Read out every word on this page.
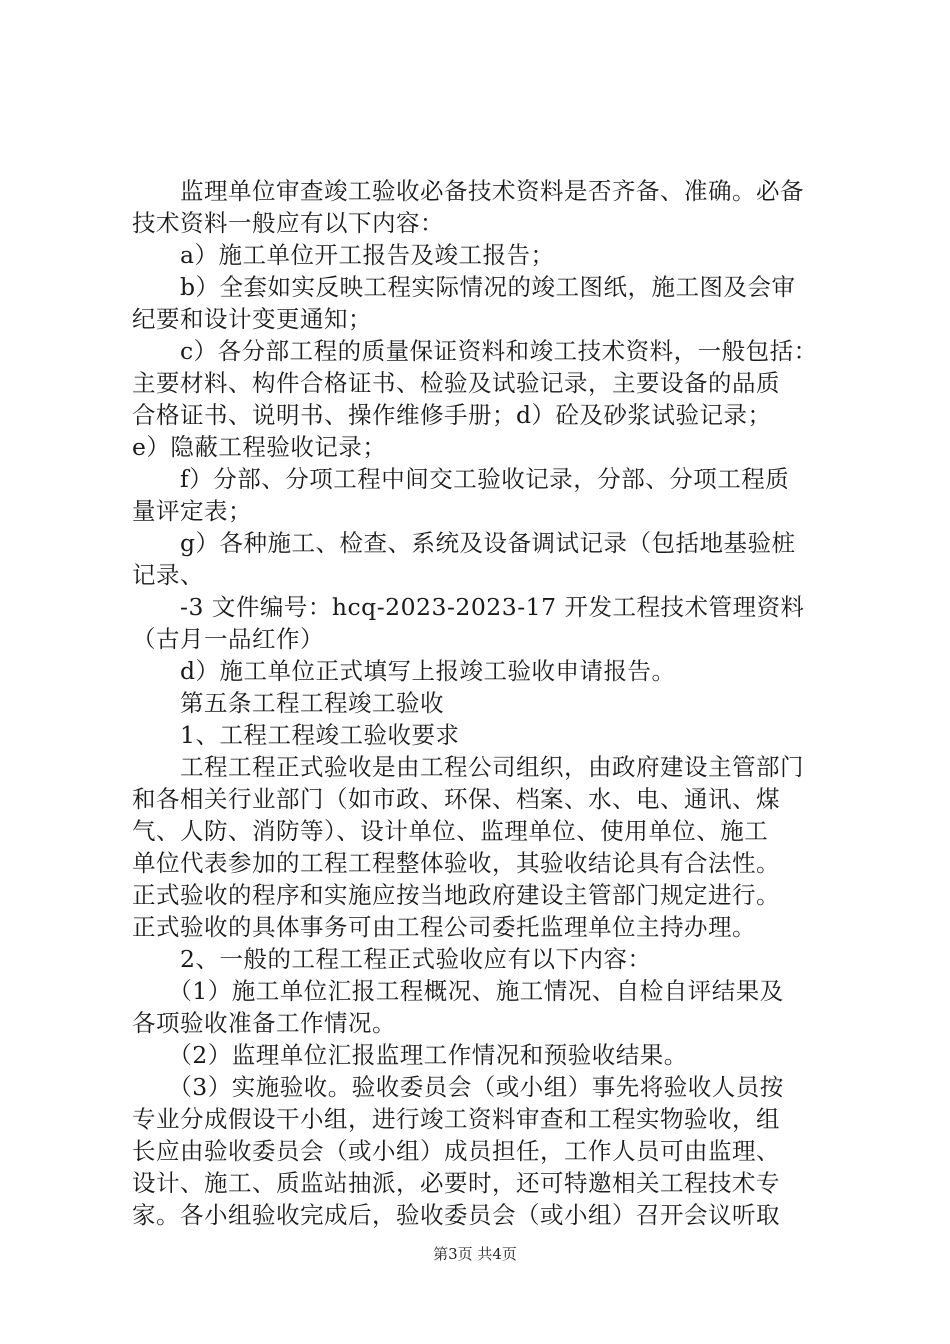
　　监理单位审查竣工验收必备技术资料是否齐备、准确。必备
技术资料一般应有以下内容：
　　a）施工单位开工报告及竣工报告；
　　b）全套如实反映工程实际情况的竣工图纸，施工图及会审
纪要和设计变更通知；
　　c）各分部工程的质量保证资料和竣工技术资料，一般包括：
主要材料、构件合格证书、检验及试验记录，主要设备的品质
合格证书、说明书、操作维修手册；d）砼及砂浆试验记录；
e）隐蔽工程验收记录；
　　f）分部、分项工程中间交工验收记录，分部、分项工程质
量评定表；
　　g）各种施工、检查、系统及设备调试记录（包括地基验桩
记录、
　　-3 文件编号：hcq-2023-2023-17 开发工程技术管理资料
（古月一品红作）
　　d）施工单位正式填写上报竣工验收申请报告。
　　第五条工程工程竣工验收
　　1、工程工程竣工验收要求
　　工程工程正式验收是由工程公司组织，由政府建设主管部门
和各相关行业部门（如市政、环保、档案、水、电、通讯、煤
气、人防、消防等）、设计单位、监理单位、使用单位、施工
单位代表参加的工程工程整体验收，其验收结论具有合法性。
正式验收的程序和实施应按当地政府建设主管部门规定进行。
正式验收的具体事务可由工程公司委托监理单位主持办理。
　　2、一般的工程工程正式验收应有以下内容：
　　（1）施工单位汇报工程概况、施工情况、自检自评结果及
各项验收准备工作情况。
　　（2）监理单位汇报监理工作情况和预验收结果。
　　（3）实施验收。验收委员会（或小组）事先将验收人员按
专业分成假设干小组，进行竣工资料审查和工程实物验收，组
长应由验收委员会（或小组）成员担任，工作人员可由监理、
设计、施工、质监站抽派，必要时，还可特邀相关工程技术专
家。各小组验收完成后，验收委员会（或小组）召开会议听取
第3页 共4页
